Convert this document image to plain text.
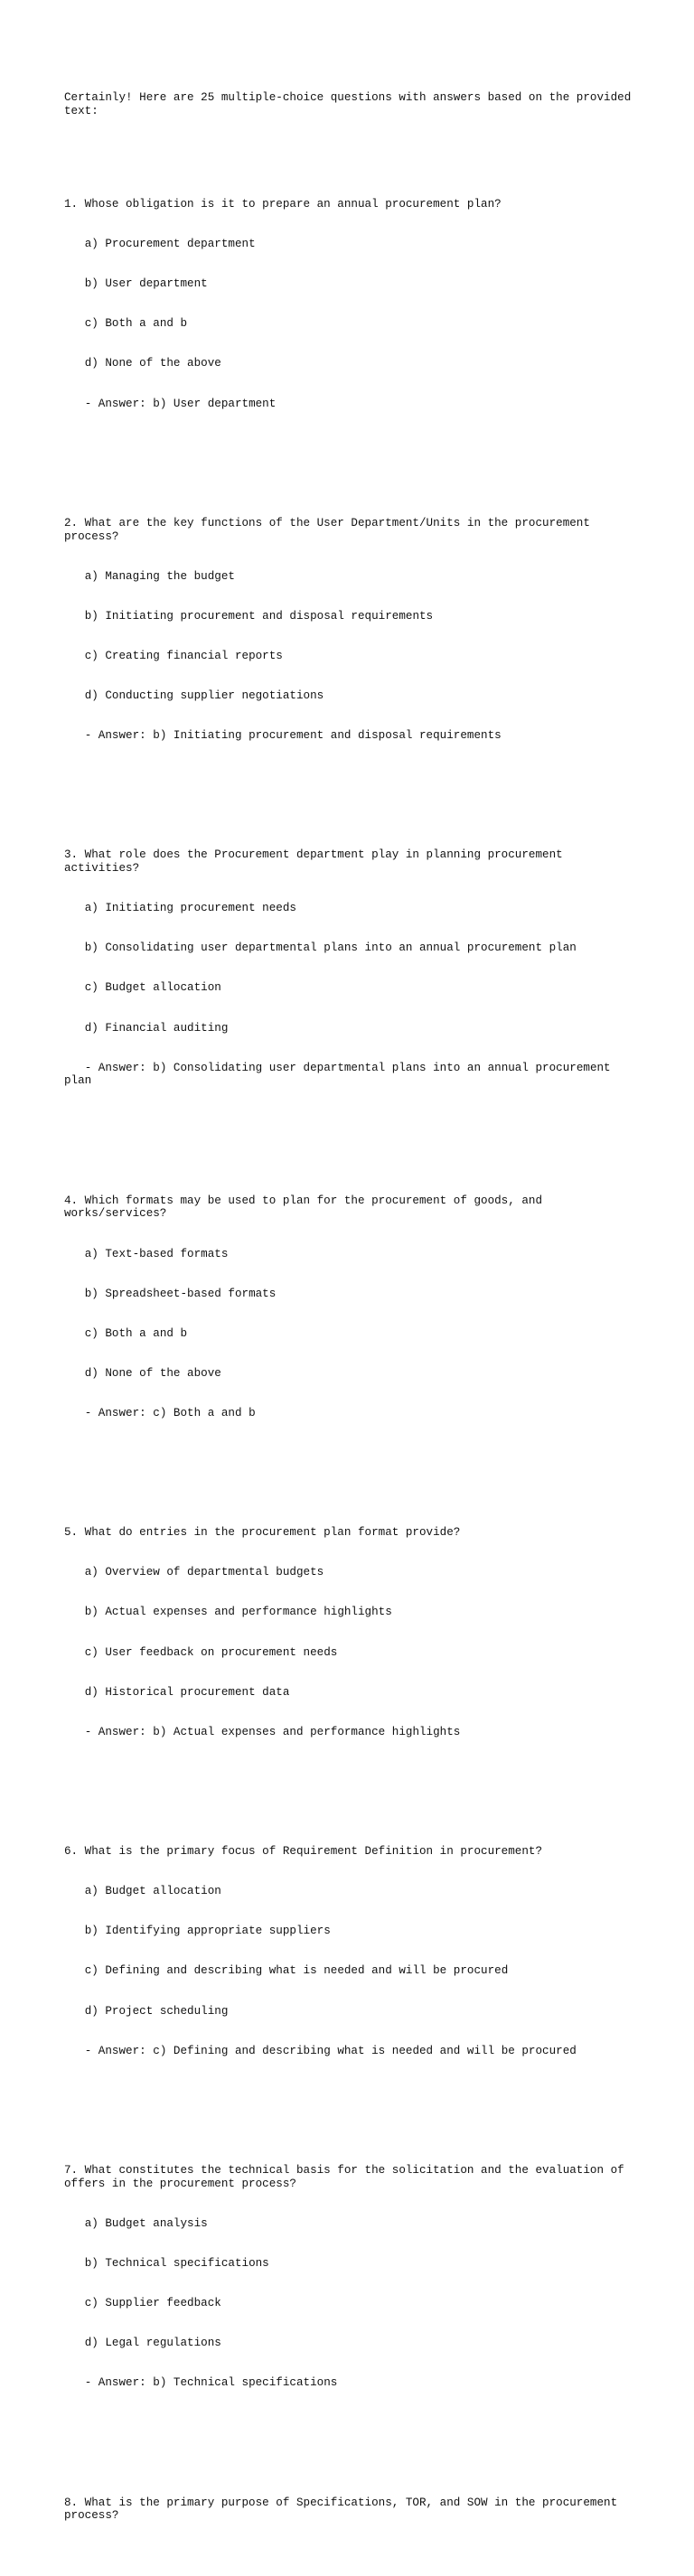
Certainly! Here are 25 multiple-choice questions with answers based on the provided text:

1. Whose obligation is it to prepare an annual procurement plan?

a) Procurement department

b) User department

c) Both a and b

d) None of the above

- Answer: b) User department

2. What are the key functions of the User Department/Units in the procurement process?

a) Managing the budget

b) Initiating procurement and disposal requirements

c) Creating financial reports

d) Conducting supplier negotiations

- Answer: b) Initiating procurement and disposal requirements

3. What role does the Procurement department play in planning procurement activities?

a) Initiating procurement needs

b) Consolidating user departmental plans into an annual procurement plan

c) Budget allocation

d) Financial auditing

- Answer: b) Consolidating user departmental plans into an annual procurement plan

4. Which formats may be used to plan for the procurement of goods, and works/services?

a) Text-based formats

b) Spreadsheet-based formats

c) Both a and b

d) None of the above

- Answer: c) Both a and b

5. What do entries in the procurement plan format provide?

a) Overview of departmental budgets

b) Actual expenses and performance highlights

c) User feedback on procurement needs

d) Historical procurement data

- Answer: b) Actual expenses and performance highlights

6. What is the primary focus of Requirement Definition in procurement?

a) Budget allocation

b) Identifying appropriate suppliers

c) Defining and describing what is needed and will be procured

d) Project scheduling

- Answer: c) Defining and describing what is needed and will be procured

7. What constitutes the technical basis for the solicitation and the evaluation of offers in the procurement process?

a) Budget analysis

b) Technical specifications

c) Supplier feedback

d) Legal regulations

- Answer: b) Technical specifications

8. What is the primary purpose of Specifications, TOR, and SOW in the procurement process?
